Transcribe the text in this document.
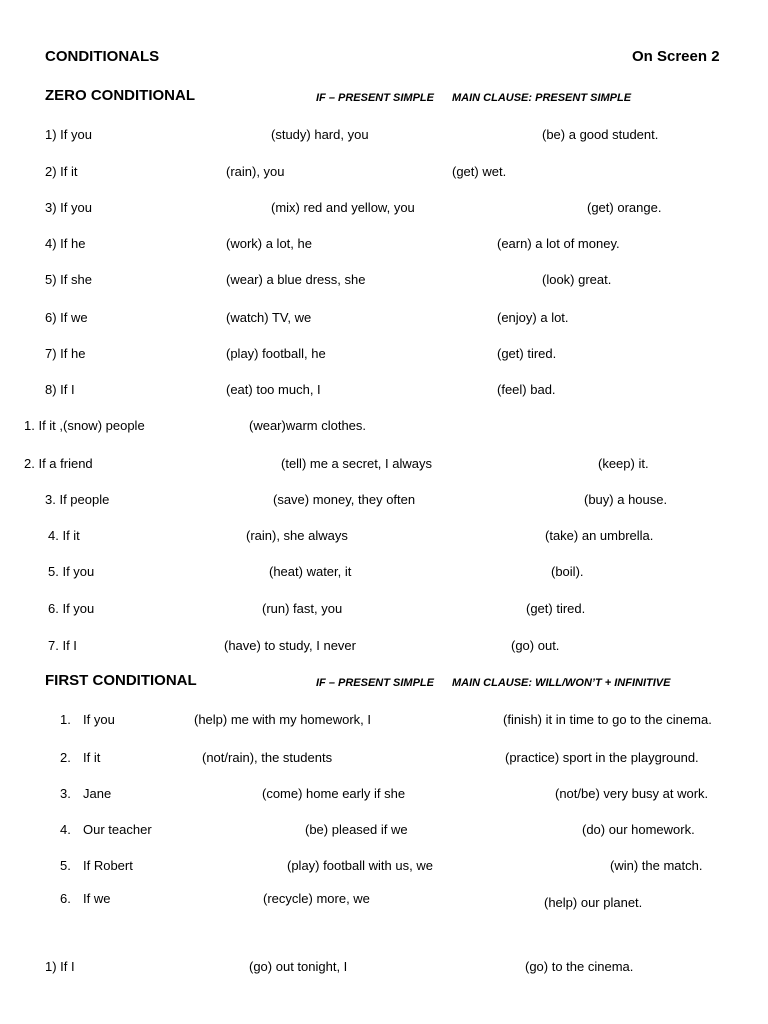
CONDITIONALS	On Screen 2
ZERO CONDITIONAL	IF – PRESENT SIMPLE MAIN CLAUSE: PRESENT SIMPLE
1) If you	(study) hard, you	(be) a good student.
2) If it	(rain), you	(get) wet.
3) If you	(mix) red and yellow, you	(get) orange.
4) If he	(work) a lot, he	(earn) a lot of money.
5) If she	(wear) a blue dress, she	(look) great.
6) If we	(watch) TV, we	(enjoy) a lot.
7) If he	(play) football, he	(get) tired.
8) If I	(eat) too much, I	(feel) bad.
1. If it ,(snow) people	(wear)warm clothes.
2. If a friend	(tell) me a secret, I always	(keep) it.
3. If people	(save) money, they often	(buy) a house.
4. If it	(rain), she always	(take) an umbrella.
5. If you	(heat) water, it	(boil).
6. If you	(run) fast, you	(get) tired.
7. If I	(have) to study, I never	(go) out.
FIRST CONDITIONAL	IF – PRESENT SIMPLE MAIN CLAUSE: WILL/WON’T + INFINITIVE
1. If you	(help) me with my homework, I	(finish) it in time to go to the cinema.
2. If it	(not/rain), the students	(practice) sport in the playground.
3. Jane	(come) home early if she	(not/be) very busy at work.
4. Our teacher	(be) pleased if we	(do) our homework.
5. If Robert	(play) football with us, we	(win) the match.
6. If we	(recycle) more, we	(help) our planet.
1) If I	(go) out tonight, I	(go) to the cinema.
